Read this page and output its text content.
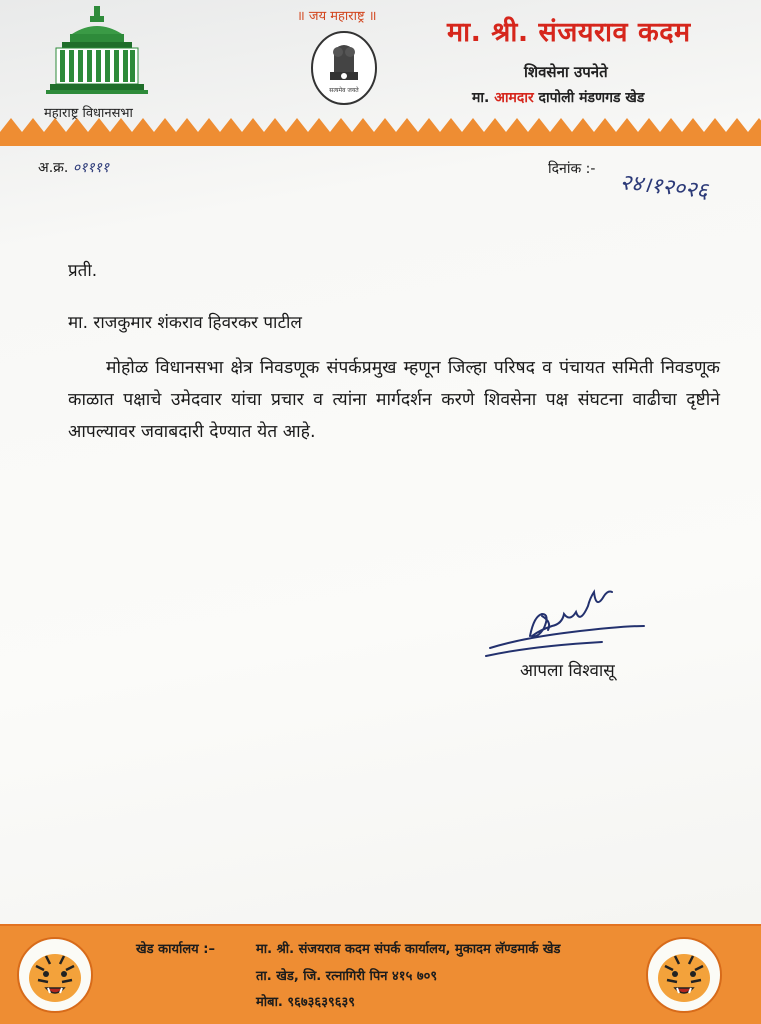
महाराष्ट्र विधानसभा
॥ जय महाराष्ट्र ॥
सत्यमेव जयते
मा. श्री. संजयराव कदम
शिवसेना उपनेते
मा. आमदार दापोली मंडणगड खेड
अ.क्र. ०११११	दिनांक :-
२४।१२०२६
प्रती.
मा. राजकुमार शंकराव हिवरकर पाटील

मोहोळ विधानसभा क्षेत्र निवडणूक संपर्कप्रमुख म्हणून जिल्हा परिषद व पंचायत समिती निवडणूक काळात पक्षाचे उमेदवार यांचा प्रचार व त्यांना मार्गदर्शन करणे शिवसेना पक्ष संघटना वाढीचा दृष्टीने आपल्यावर जवाबदारी देण्यात येत आहे.

आपला विश्वासू
खेड कार्यालय :–	मा. श्री. संजयराव कदम संपर्क कार्यालय, मुकादम लॅण्डमार्क खेड
ता. खेड, जि. रत्नागिरी पिन ४१५ ७०९
मोबा. ९६७३६३९६३९
